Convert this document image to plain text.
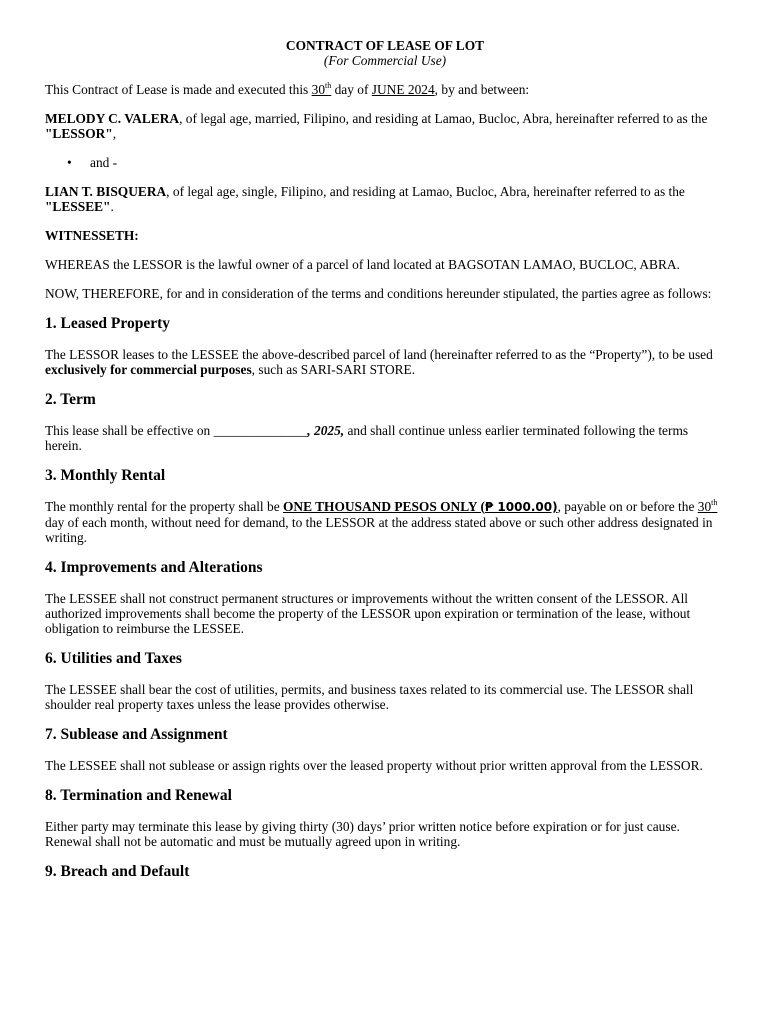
CONTRACT OF LEASE OF LOT
(For Commercial Use)

This Contract of Lease is made and executed this 30th day of JUNE 2024, by and between:

MELODY C. VALERA, of legal age, married, Filipino, and residing at Lamao, Bucloc, Abra, hereinafter referred to as the "LESSOR",

• and -

LIAN T. BISQUERA, of legal age, single, Filipino, and residing at Lamao, Bucloc, Abra, hereinafter referred to as the "LESSEE".

WITNESSETH:

WHEREAS the LESSOR is the lawful owner of a parcel of land located at BAGSOTAN LAMAO, BUCLOC, ABRA.

NOW, THEREFORE, for and in consideration of the terms and conditions hereunder stipulated, the parties agree as follows:

1. Leased Property

The LESSOR leases to the LESSEE the above-described parcel of land (hereinafter referred to as the “Property”), to be used exclusively for commercial purposes, such as SARI-SARI STORE.

2. Term

This lease shall be effective on ______________, 2025, and shall continue unless earlier terminated following the terms herein.

3. Monthly Rental

The monthly rental for the property shall be ONE THOUSAND PESOS ONLY (₱ 1000.00), payable on or before the 30th day of each month, without need for demand, to the LESSOR at the address stated above or such other address designated in writing.

4. Improvements and Alterations

The LESSEE shall not construct permanent structures or improvements without the written consent of the LESSOR. All authorized improvements shall become the property of the LESSOR upon expiration or termination of the lease, without obligation to reimburse the LESSEE.

6. Utilities and Taxes

The LESSEE shall bear the cost of utilities, permits, and business taxes related to its commercial use. The LESSOR shall shoulder real property taxes unless the lease provides otherwise.

7. Sublease and Assignment

The LESSEE shall not sublease or assign rights over the leased property without prior written approval from the LESSOR.

8. Termination and Renewal

Either party may terminate this lease by giving thirty (30) days’ prior written notice before expiration or for just cause. Renewal shall not be automatic and must be mutually agreed upon in writing.

9. Breach and Default
